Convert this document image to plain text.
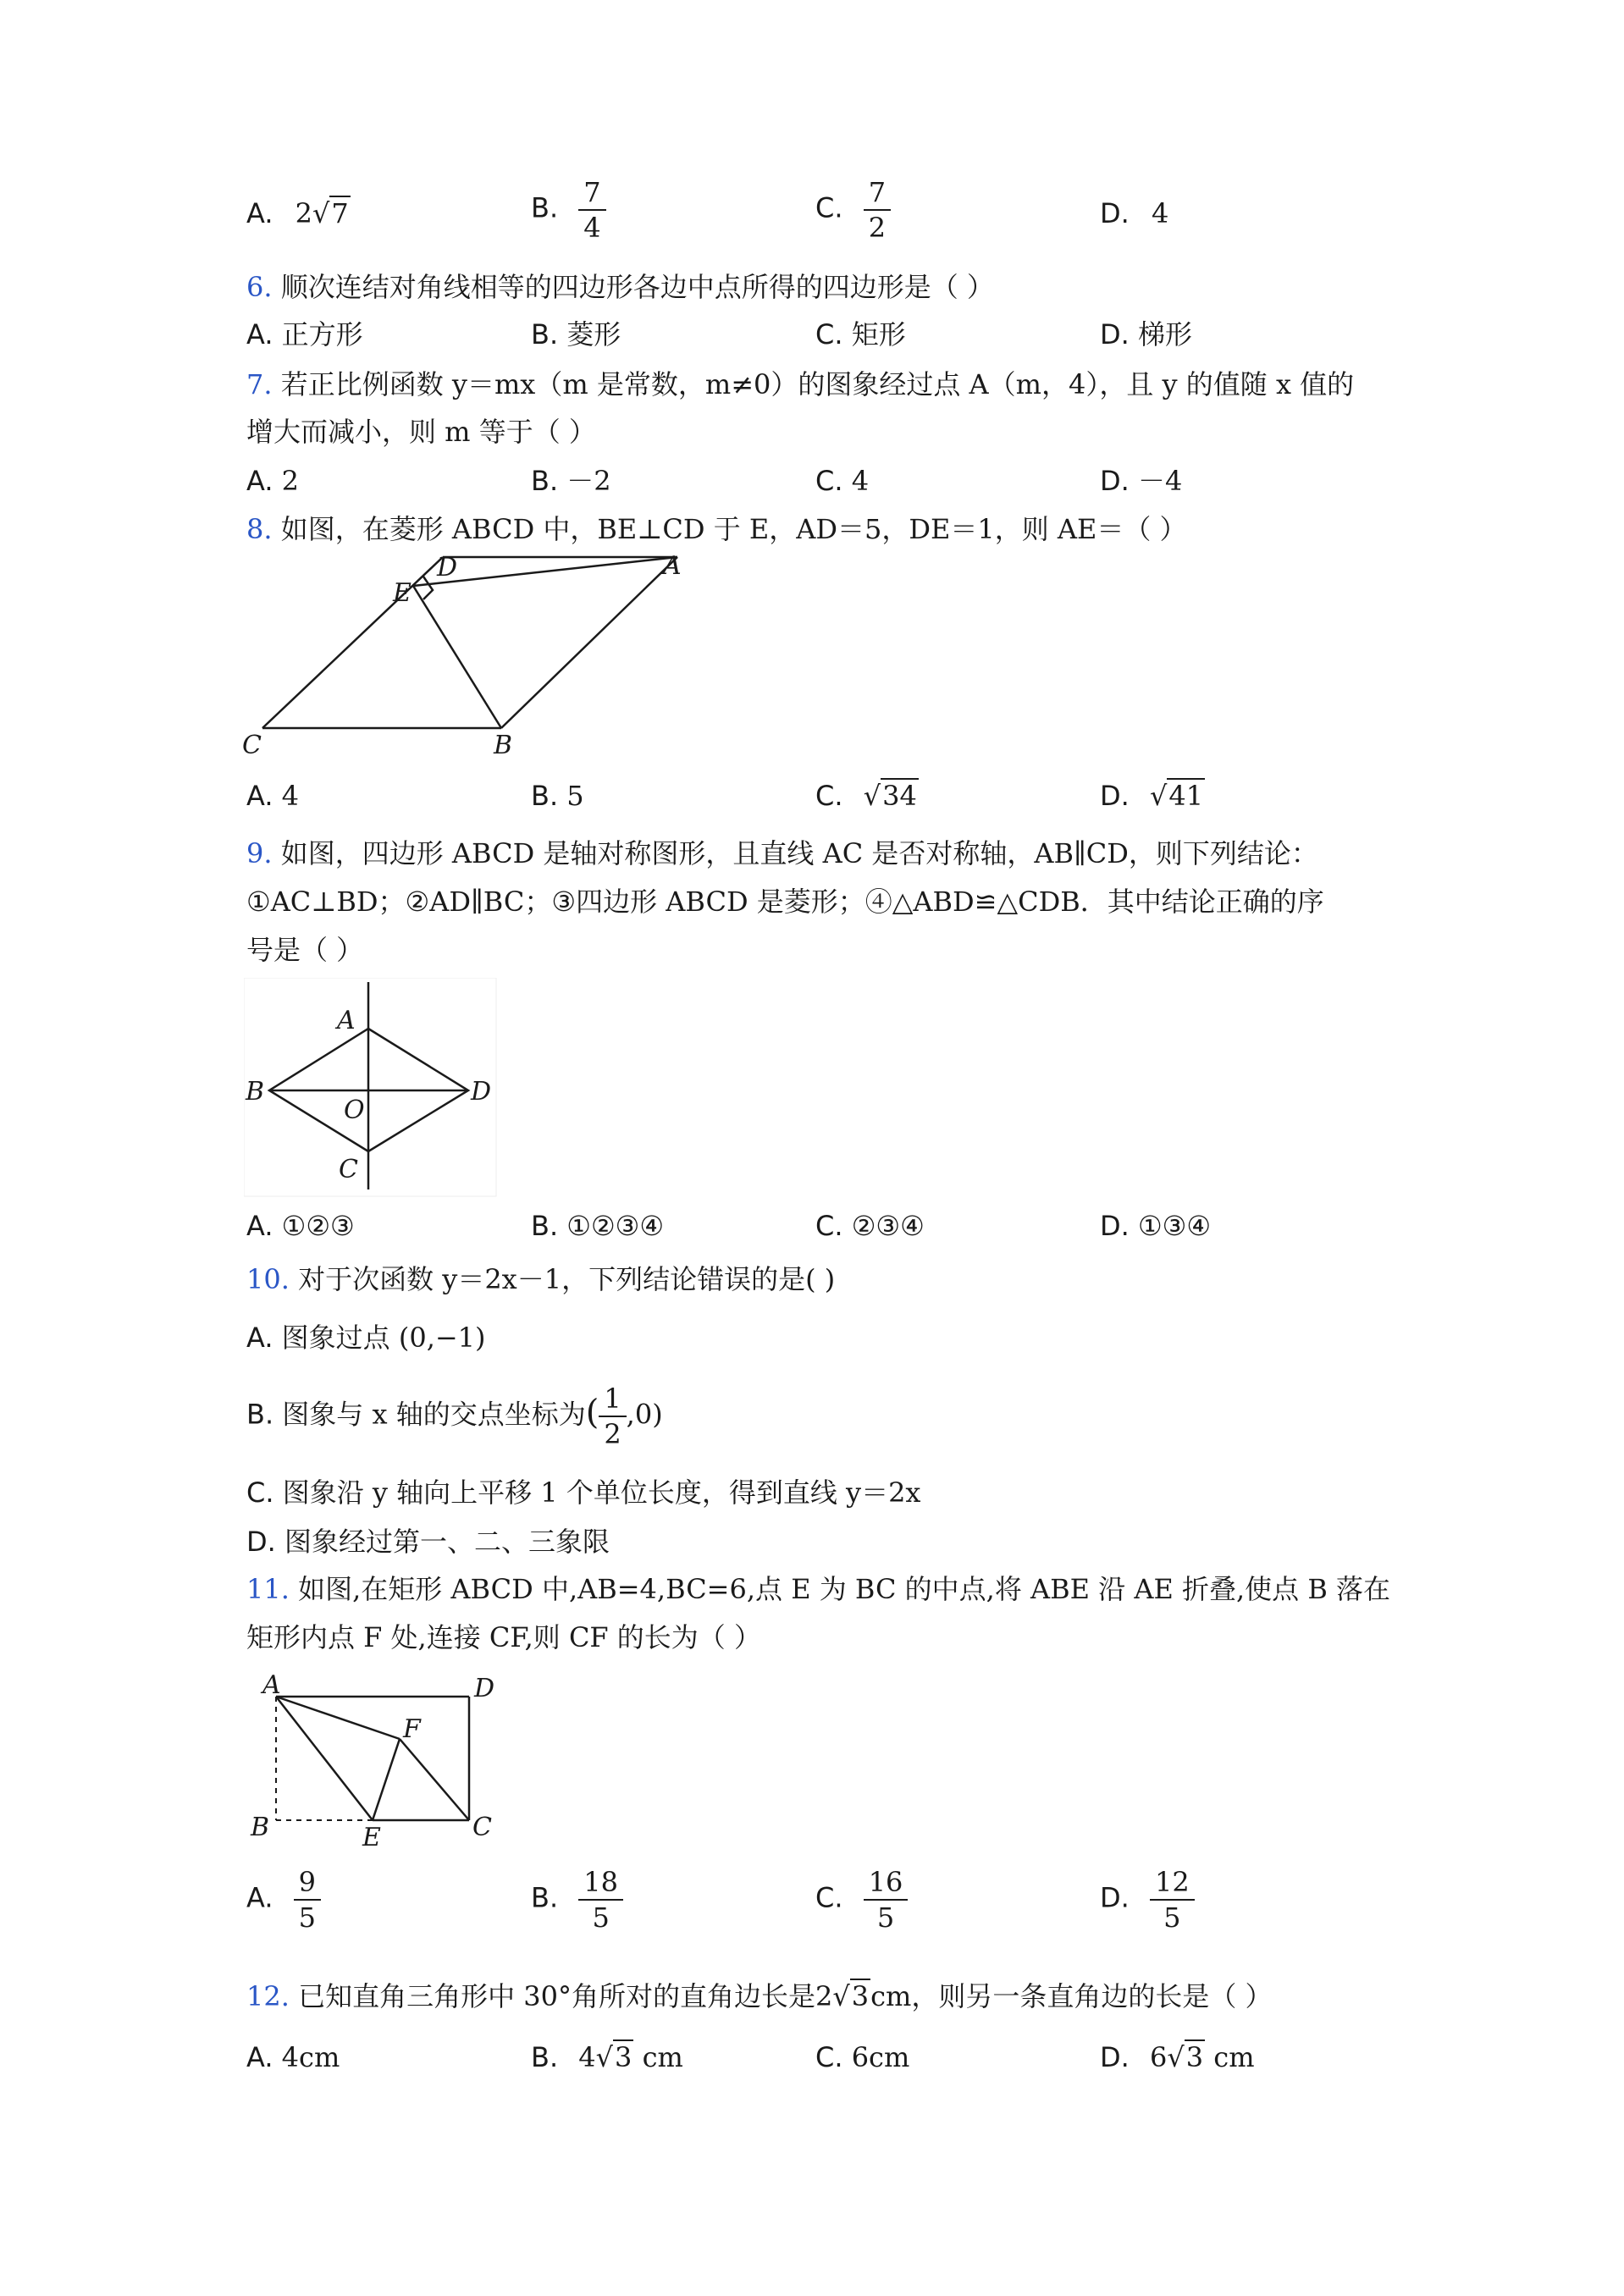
A. 2√7	B. $\frac{7}{4}$	C. $\frac{7}{2}$	D. 4
6. 顺次连结对角线相等的四边形各边中点所得的四边形是（ ）
A. 正方形	B. 菱形	C. 矩形	D. 梯形
7. 若正比例函数 y＝mx（m 是常数，m≠0）的图象经过点 A（m，4），且 y 的值随 x 值的
增大而减小，则 m 等于（ ）
A. 2	B. －2	C. 4	D. －4
8. 如图，在菱形 ABCD 中，BE⊥CD 于 E，AD＝5，DE＝1，则 AE＝（ ）
D	A
E
C	B
A. 4	B. 5	C. √34	D. √41
9. 如图，四边形 ABCD 是轴对称图形，且直线 AC 是否对称轴，AB∥CD，则下列结论：
①AC⊥BD；②AD∥BC；③四边形 ABCD 是菱形；④△ABD≌△CDB．其中结论正确的序
号是（ ）
A
B
O
D
C
A. ①②③	B. ①②③④	C. ②③④	D. ①③④
10. 对于次函数 y＝2x－1，下列结论错误的是( )
A. 图象过点 (0,−1)
B. 图象与 x 轴的交点坐标为( $\frac{1}{2} ,0$)
C. 图象沿 y 轴向上平移 1 个单位长度，得到直线 y＝2x
D. 图象经过第一、二、三象限
11. 如图,在矩形 ABCD 中,AB=4,BC=6,点 E 为 BC 的中点,将 ABE 沿 AE 折叠,使点 B 落在
矩形内点 F 处,连接 CF,则 CF 的长为（ ）
A	D
F
B	E	C
A. $\frac{9}{5}$	B. $\frac{18}{5}$	C. $\frac{16}{5}$	D. $\frac{12}{5}$
12. 已知直角三角形中 30°角所对的直角边长是2√3cm，则另一条直角边的长是（ ）
A. 4cm	B. 4√3 cm	C. 6cm	D. 6√3 cm
